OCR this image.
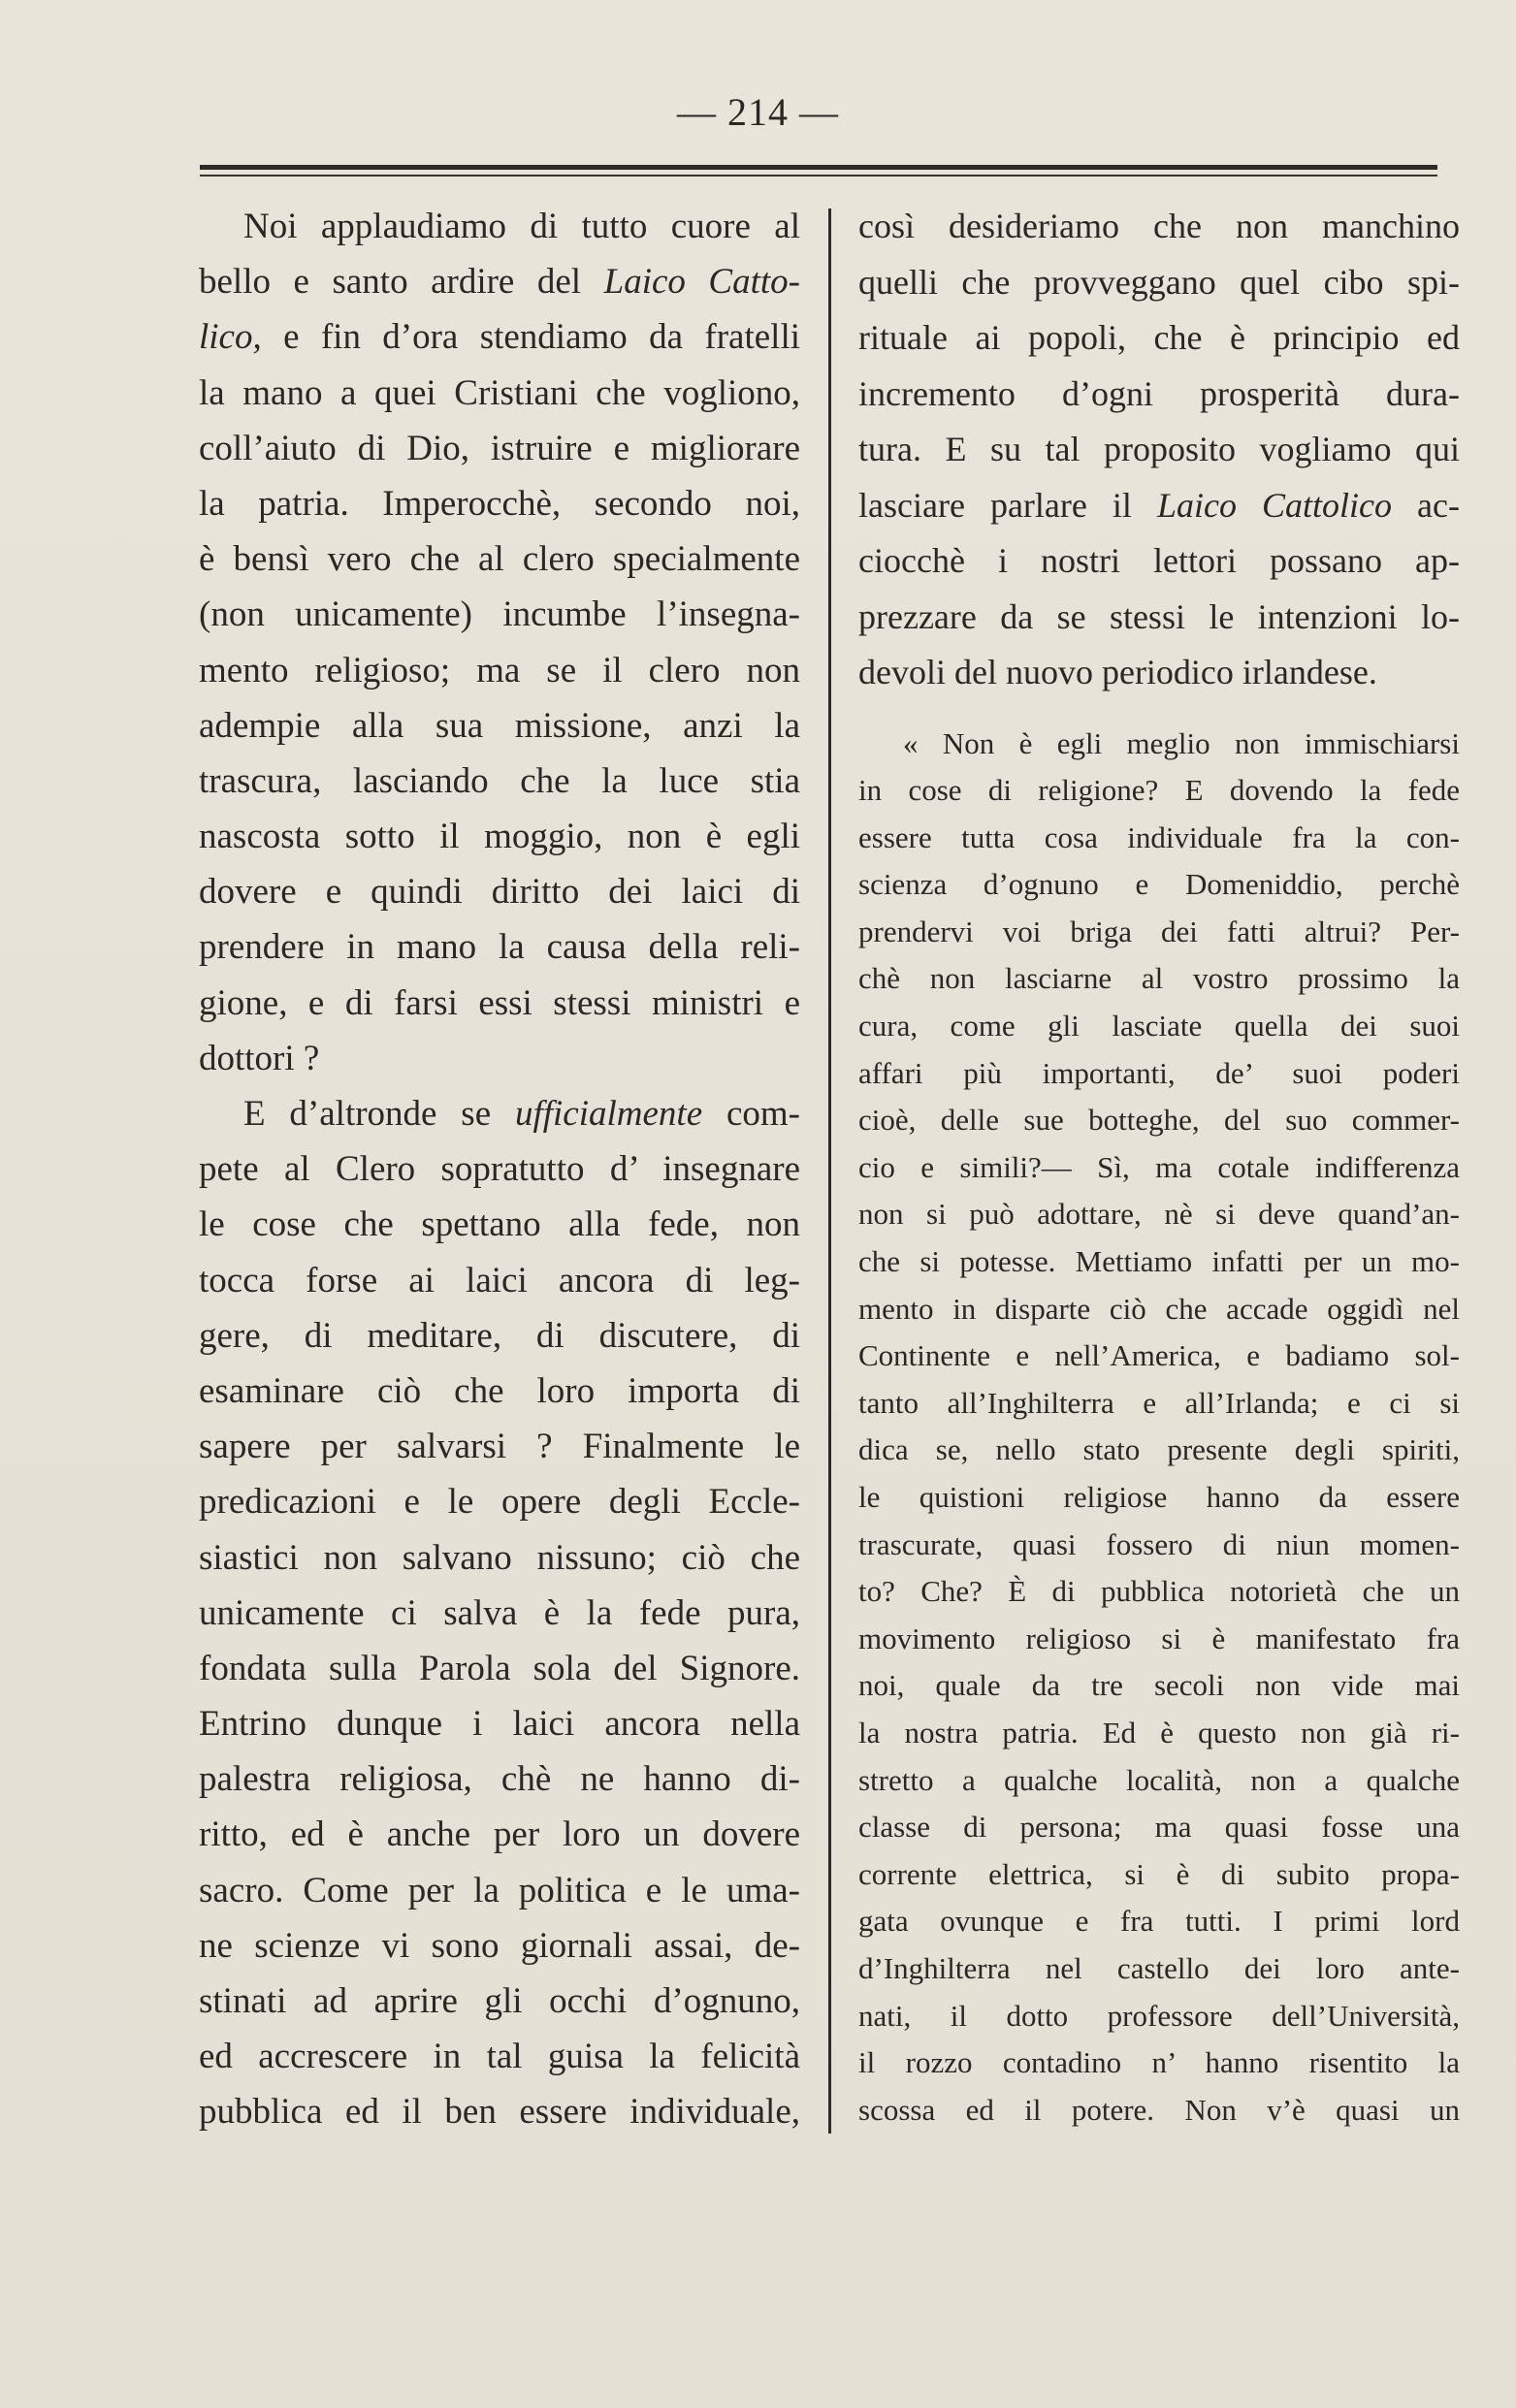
— 214 —
Noi applaudiamo di tutto cuore al
bello e santo ardire del Laico Catto-
lico, e fin d’ora stendiamo da fratelli
la mano a quei Cristiani che vogliono,
coll’aiuto di Dio, istruire e migliorare
la patria. Imperocchè, secondo noi,
è bensì vero che al clero specialmente
(non unicamente) incumbe l’insegna-
mento religioso; ma se il clero non
adempie alla sua missione, anzi la
trascura, lasciando che la luce stia
nascosta sotto il moggio, non è egli
dovere e quindi diritto dei laici di
prendere in mano la causa della reli-
gione, e di farsi essi stessi ministri e
dottori ?
E d’altronde se ufficialmente com-
pete al Clero sopratutto d’ insegnare
le cose che spettano alla fede, non
tocca forse ai laici ancora di leg-
gere, di meditare, di discutere, di
esaminare ciò che loro importa di
sapere per salvarsi ? Finalmente le
predicazioni e le opere degli Eccle-
siastici non salvano nissuno; ciò che
unicamente ci salva è la fede pura,
fondata sulla Parola sola del Signore.
Entrino dunque i laici ancora nella
palestra religiosa, chè ne hanno di-
ritto, ed è anche per loro un dovere
sacro. Come per la politica e le uma-
ne scienze vi sono giornali assai, de-
stinati ad aprire gli occhi d’ognuno,
ed accrescere in tal guisa la felicità
pubblica ed il ben essere individuale,
così desideriamo che non manchino
quelli che provveggano quel cibo spi-
rituale ai popoli, che è principio ed
incremento d’ogni prosperità dura-
tura. E su tal proposito vogliamo qui
lasciare parlare il Laico Cattolico ac-
ciocchè i nostri lettori possano ap-
prezzare da se stessi le intenzioni lo-
devoli del nuovo periodico irlandese.
« Non è egli meglio non immischiarsi
in cose di religione? E dovendo la fede
essere tutta cosa individuale fra la con-
scienza d’ognuno e Domeniddio, perchè
prendervi voi briga dei fatti altrui? Per-
chè non lasciarne al vostro prossimo la
cura, come gli lasciate quella dei suoi
affari più importanti, de’ suoi poderi
cioè, delle sue botteghe, del suo commer-
cio e simili?— Sì, ma cotale indifferenza
non si può adottare, nè si deve quand’an-
che si potesse. Mettiamo infatti per un mo-
mento in disparte ciò che accade oggidì nel
Continente e nell’America, e badiamo sol-
tanto all’Inghilterra e all’Irlanda; e ci si
dica se, nello stato presente degli spiriti,
le quistioni religiose hanno da essere
trascurate, quasi fossero di niun momen-
to? Che? È di pubblica notorietà che un
movimento religioso si è manifestato fra
noi, quale da tre secoli non vide mai
la nostra patria. Ed è questo non già ri-
stretto a qualche località, non a qualche
classe di persona; ma quasi fosse una
corrente elettrica, si è di subito propa-
gata ovunque e fra tutti. I primi lord
d’Inghilterra nel castello dei loro ante-
nati, il dotto professore dell’Università,
il rozzo contadino n’ hanno risentito la
scossa ed il potere. Non v’è quasi un
